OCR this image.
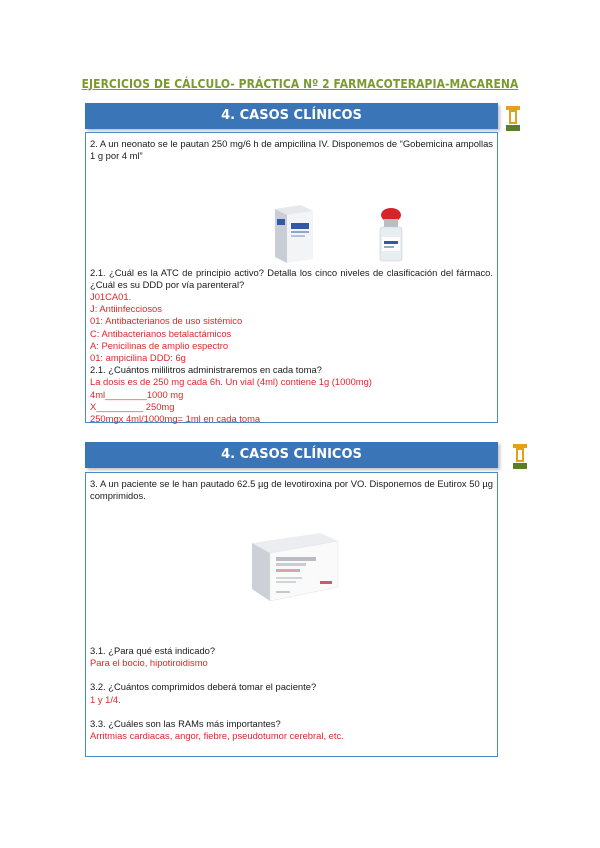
EJERCICIOS DE CÁLCULO- PRÁCTICA Nº 2 FARMACOTERAPIA-MACARENA
4. CASOS CLÍNICOS
2. A un neonato se le pautan 250 mg/6 h de ampicilina IV. Disponemos de “Gobemicina ampollas 1 g por 4 ml”
2.1. ¿Cuál es la ATC de principio activo? Detalla los cinco niveles de clasificación del fármaco. ¿Cuál es su DDD por vía parenteral?
J01CA01.
J: Antiinfecciosos
01: Antibacterianos de uso sistémico
C: Antibacterianos betalactámicos
A: Penicilinas de amplio espectro
01: ampicilina DDD: 6g
2.1. ¿Cuántos mililitros administraremos en cada toma?
La dosis es de 250 mg cada 6h. Un vial (4ml) contiene 1g (1000mg)
4ml________1000 mg
X_________ 250mg
250mgx 4ml/1000mg= 1ml en cada toma
4. CASOS CLÍNICOS
3. A un paciente se le han pautado 62.5 µg de levotiroxina por VO. Disponemos de Eutirox 50 µg comprimidos.
3.1. ¿Para qué está indicado?
Para el bocio, hipotiroidismo
3.2. ¿Cuántos comprimidos deberá tomar el paciente?
1 y 1/4.
3.3. ¿Cuáles son las RAMs más importantes?
Arritmias cardiacas, angor, fiebre, pseudotumor cerebral, etc.
